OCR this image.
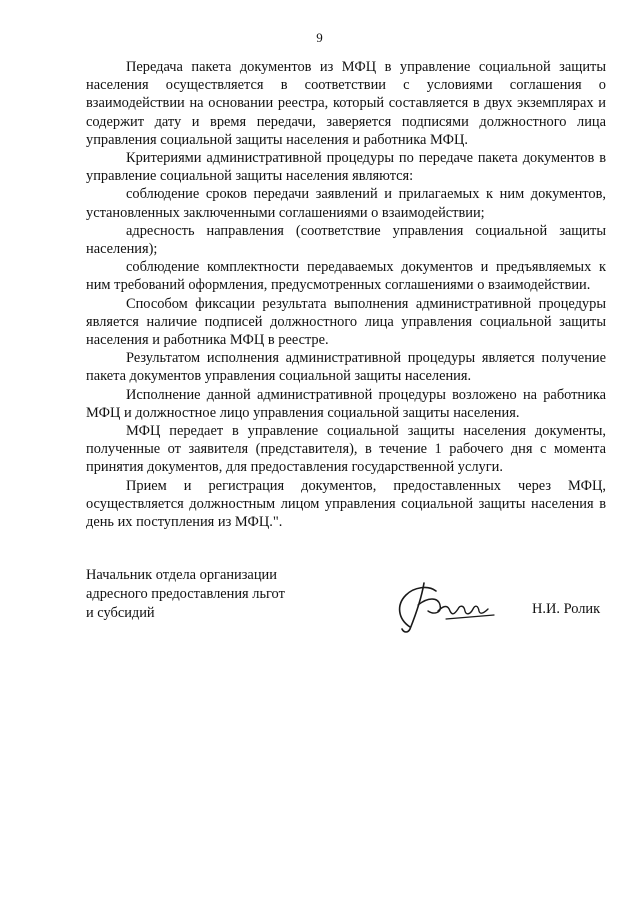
9

Передача пакета документов из МФЦ в управление социальной защиты населения осуществляется в соответствии с условиями соглашения о взаимодействии на основании реестра, который составляется в двух экземплярах и содержит дату и время передачи, заверяется подписями должностного лица управления социальной защиты населения и работника МФЦ.

Критериями административной процедуры по передаче пакета документов в управление социальной защиты населения являются:

соблюдение сроков передачи заявлений и прилагаемых к ним документов, установленных заключенными соглашениями о взаимодействии;

адресность направления (соответствие управления социальной защиты населения);

соблюдение комплектности передаваемых документов и предъявляемых к ним требований оформления, предусмотренных соглашениями о взаимодействии.

Способом фиксации результата выполнения административной процедуры является наличие подписей должностного лица управления социальной защиты населения и работника МФЦ в реестре.

Результатом исполнения административной процедуры является получение пакета документов управления социальной защиты населения.

Исполнение данной административной процедуры возложено на работника МФЦ и должностное лицо управления социальной защиты населения.

МФЦ передает в управление социальной защиты населения документы, полученные от заявителя (представителя), в течение 1 рабочего дня с момента принятия документов, для предоставления государственной услуги.

Прием и регистрация документов, предоставленных через МФЦ, осуществляется должностным лицом управления социальной защиты населения в день их поступления из МФЦ.".

Начальник отдела организации
адресного предоставления льгот
и субсидий	Н.И. Ролик
